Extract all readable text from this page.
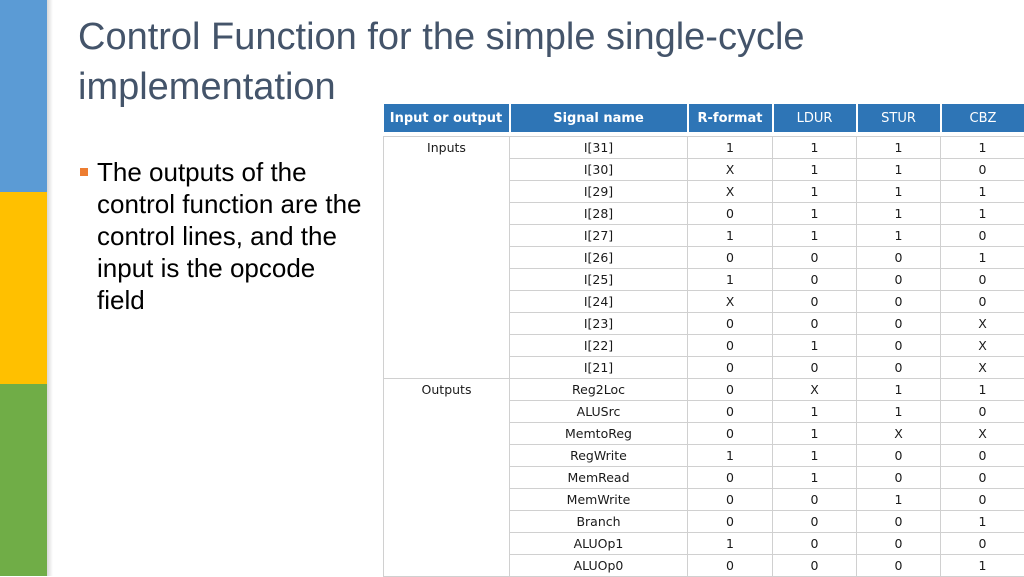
Control Function for the simple single-cycle implementation
The outputs of the control function are the control lines, and the input is the opcode field
Input or output	Signal name	R-format	LDUR	STUR	CBZ

Inputs	I[31]	1	1	1	1
	I[30]	X	1	1	0
	I[29]	X	1	1	1
	I[28]	0	1	1	1
	I[27]	1	1	1	0
	I[26]	0	0	0	1
	I[25]	1	0	0	0
	I[24]	X	0	0	0
	I[23]	0	0	0	X
	I[22]	0	1	0	X
	I[21]	0	0	0	X
Outputs	Reg2Loc	0	X	1	1
	ALUSrc	0	1	1	0
	MemtoReg	0	1	X	X
	RegWrite	1	1	0	0
	MemRead	0	1	0	0
	MemWrite	0	0	1	0
	Branch	0	0	0	1
	ALUOp1	1	0	0	0
	ALUOp0	0	0	0	1
